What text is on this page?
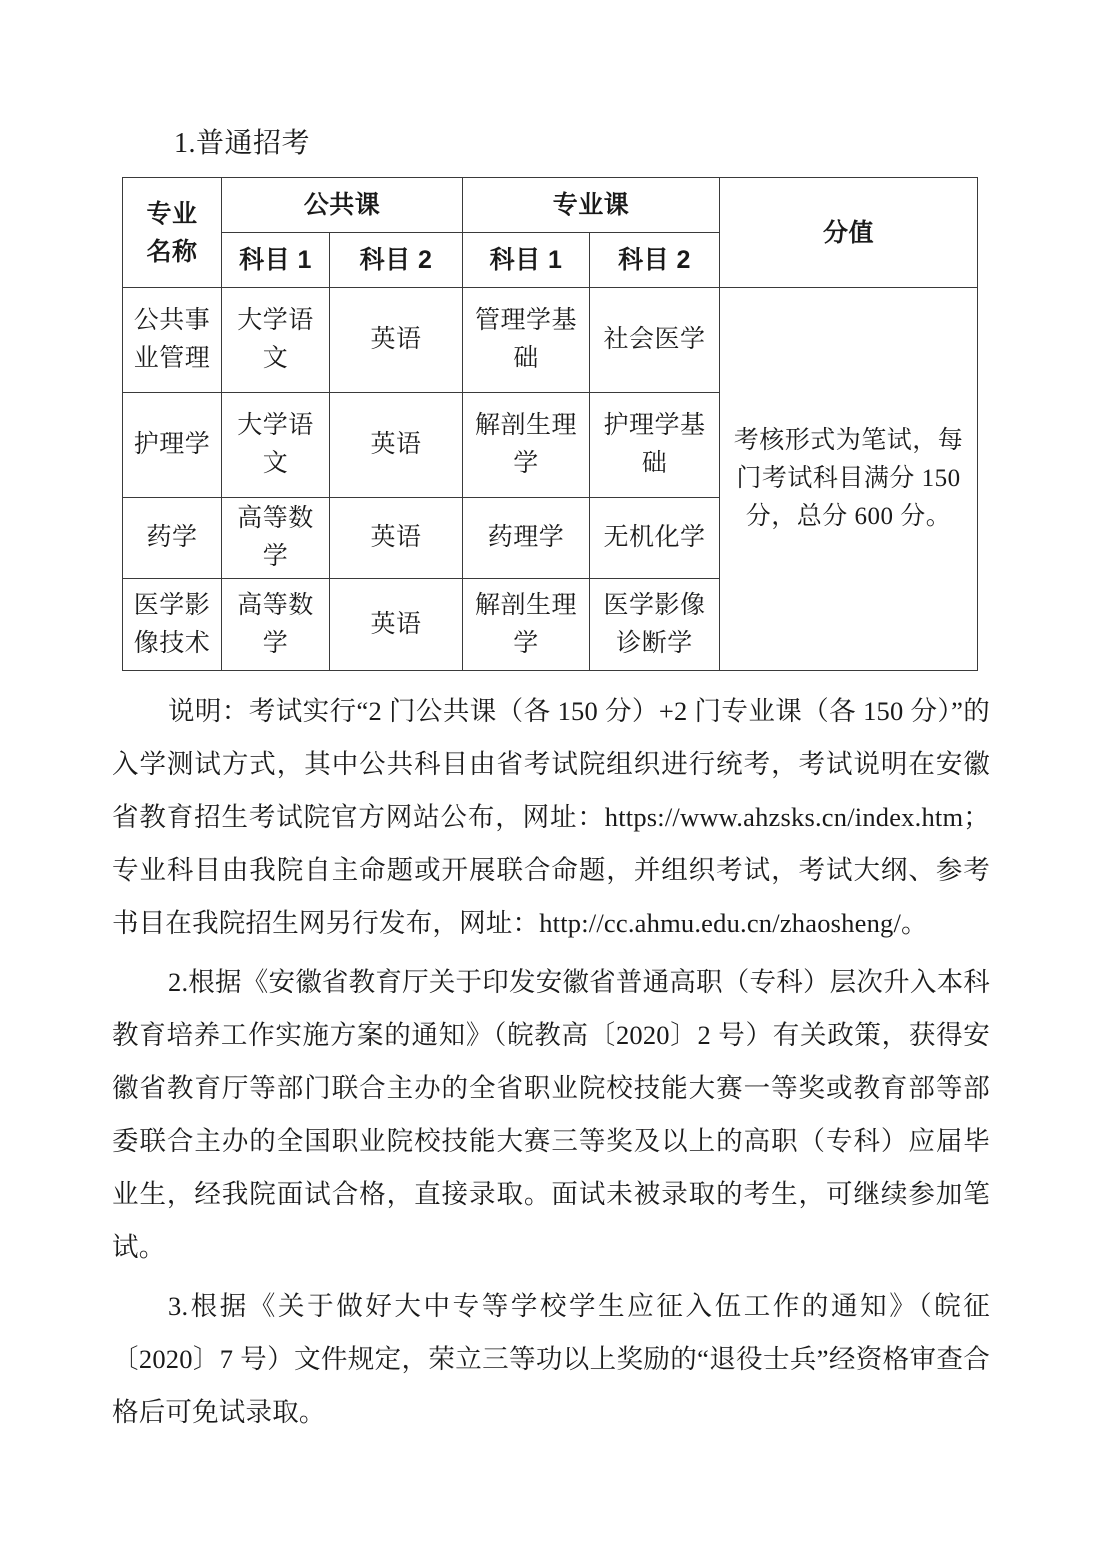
1.普通招考
专业
名称	公共课		专业课		分值
	科目 1	科目 2	科目 1	科目 2	
公共事业管理	大学语文	英语	管理学基础	社会医学	考核形式为笔试，每门考试科目满分 150 分，总分 600 分。
护理学	大学语文	英语	解剖生理学	护理学基础	
药学	高等数学	英语	药理学	无机化学	
医学影像技术	高等数学	英语	解剖生理学	医学影像诊断学	

说明：考试实行“2 门公共课（各 150 分）+2 门专业课（各 150 分）”的入学测试方式，其中公共科目由省考试院组织进行统考，考试说明在安徽省教育招生考试院官方网站公布，网址：https://www.ahzsks.cn/index.htm；专业科目由我院自主命题或开展联合命题，并组织考试，考试大纲、参考书目在我院招生网另行发布，网址：http://cc.ahmu.edu.cn/zhaosheng/。

2.根据《安徽省教育厅关于印发安徽省普通高职（专科）层次升入本科教育培养工作实施方案的通知》（皖教高〔2020〕2 号）有关政策，获得安徽省教育厅等部门联合主办的全省职业院校技能大赛一等奖或教育部等部委联合主办的全国职业院校技能大赛三等奖及以上的高职（专科）应届毕业生，经我院面试合格，直接录取。面试未被录取的考生，可继续参加笔试。

3.根据《关于做好大中专等学校学生应征入伍工作的通知》（皖征〔2020〕7 号）文件规定，荣立三等功以上奖励的“退役士兵”经资格审查合格后可免试录取。
